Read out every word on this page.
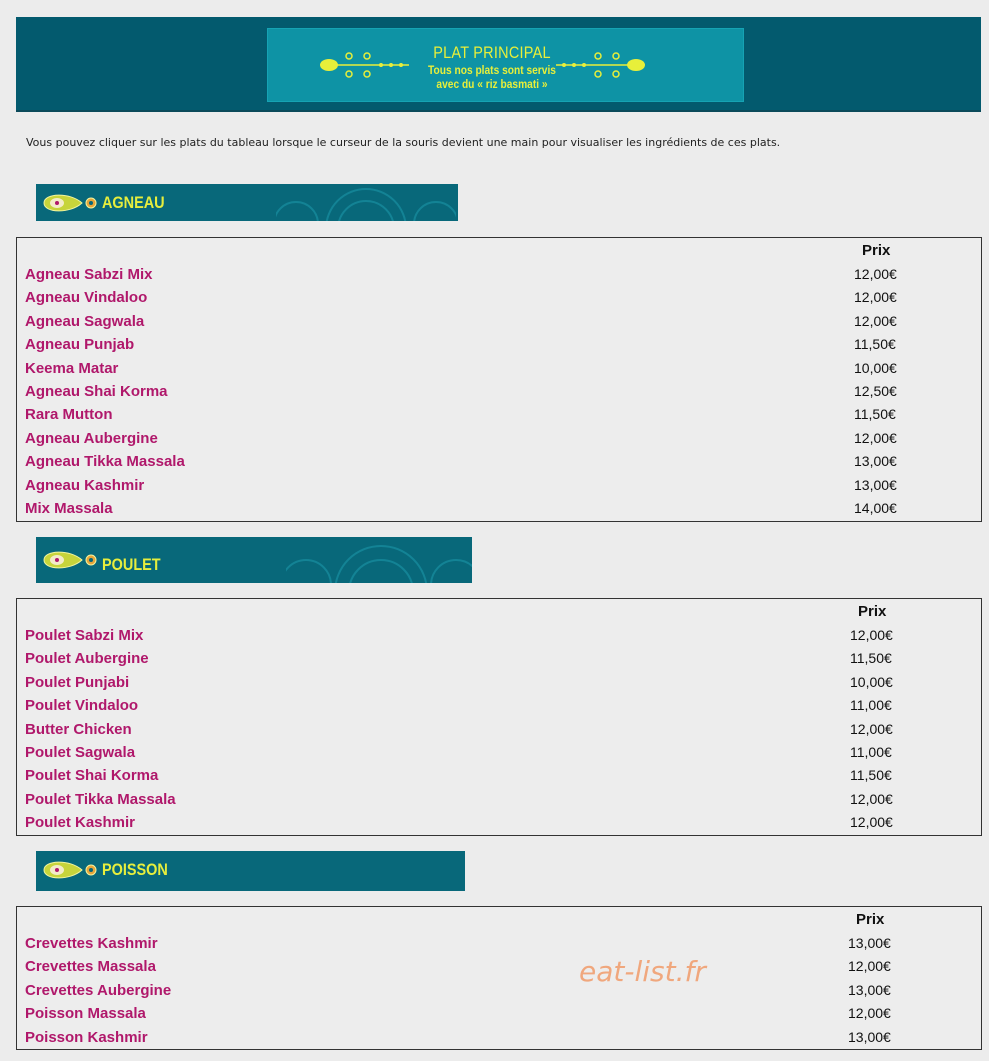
PLAT PRINCIPAL
Tous nos plats sont servis
avec du « riz basmati »
Vous pouvez cliquer sur les plats du tableau lorsque le curseur de la souris devient une main pour visualiser les ingrédients de ces plats.
AGNEAU
Prix
Agneau Sabzi Mix	12,00€
Agneau Vindaloo	12,00€
Agneau Sagwala	12,00€
Agneau Punjab	11,50€
Keema Matar	10,00€
Agneau Shai Korma	12,50€
Rara Mutton	11,50€
Agneau Aubergine	12,00€
Agneau Tikka Massala	13,00€
Agneau Kashmir	13,00€
Mix Massala	14,00€
POULET
Prix
Poulet Sabzi Mix	12,00€
Poulet Aubergine	11,50€
Poulet Punjabi	10,00€
Poulet Vindaloo	11,00€
Butter Chicken	12,00€
Poulet Sagwala	11,00€
Poulet Shai Korma	11,50€
Poulet Tikka Massala	12,00€
Poulet Kashmir	12,00€
POISSON
Prix
Crevettes Kashmir	13,00€
Crevettes Massala	12,00€
Crevettes Aubergine	13,00€
Poisson Massala	12,00€
Poisson Kashmir	13,00€
eat-list.fr
